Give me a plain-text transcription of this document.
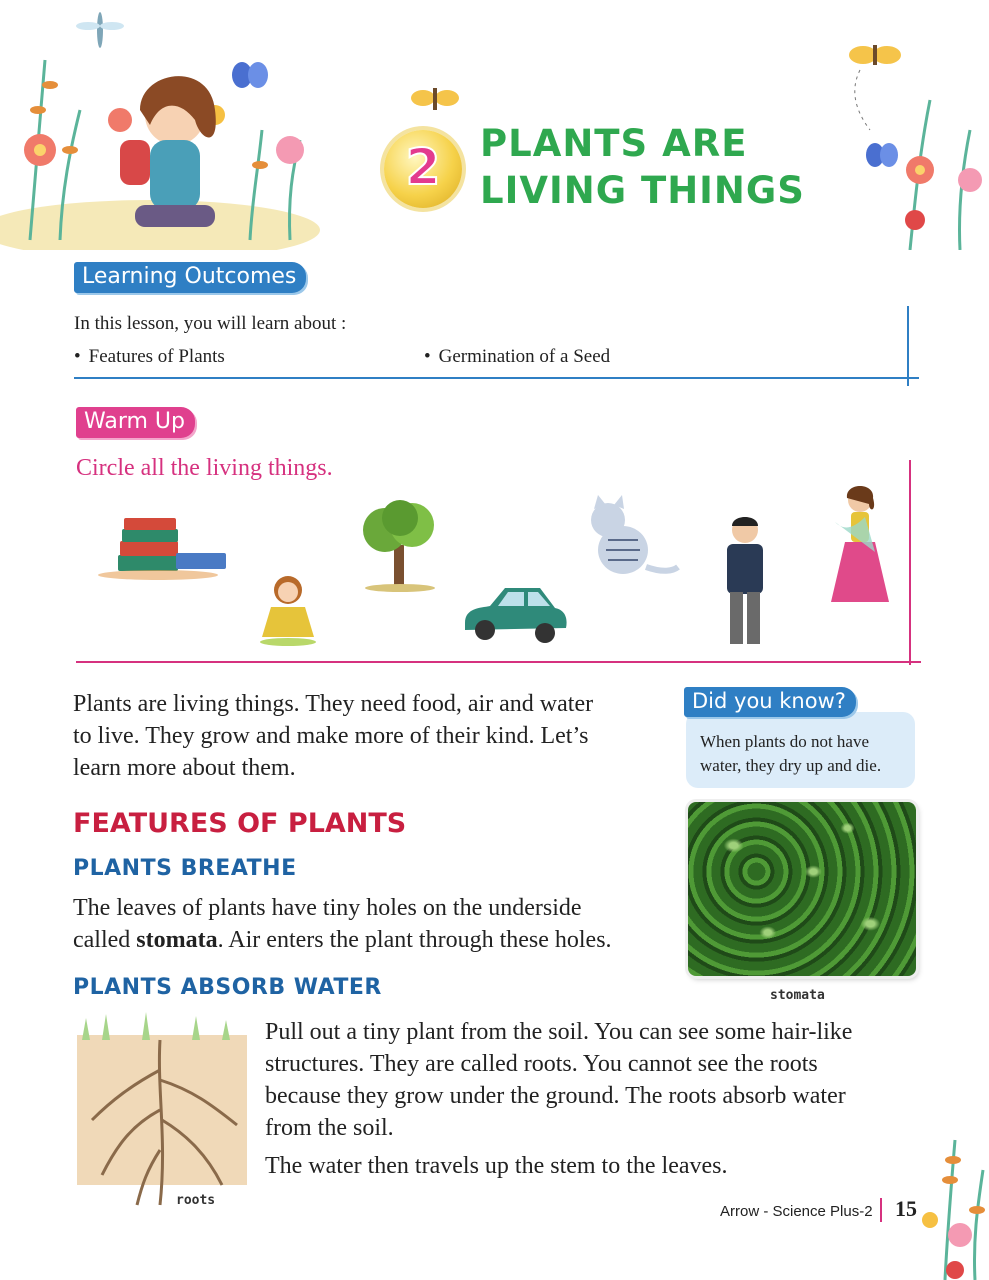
2	PLANTS ARE
LIVING THINGS
Learning Outcomes
In this lesson, you will learn about :
• Features of Plants
•	Germination of a Seed
Warm Up
Circle all the living things.
Plants are living things. They need food, air and water
to live. They grow and make more of their kind. Let’s
learn more about them.
Did you know?
When plants do not have
water, they dry up and die.
FEATURES OF PLANTS
PLANTS BREATHE
The leaves of plants have tiny holes on the underside
called stomata. Air enters the plant through these holes.
stomata
PLANTS ABSORB WATER
roots
Pull out a tiny plant from the soil. You can see some hair-like
structures. They are called roots. You cannot see the roots
because they grow under the ground. The roots absorb water
from the soil.
The water then travels up the stem to the leaves.
Arrow - Science Plus-2 15
